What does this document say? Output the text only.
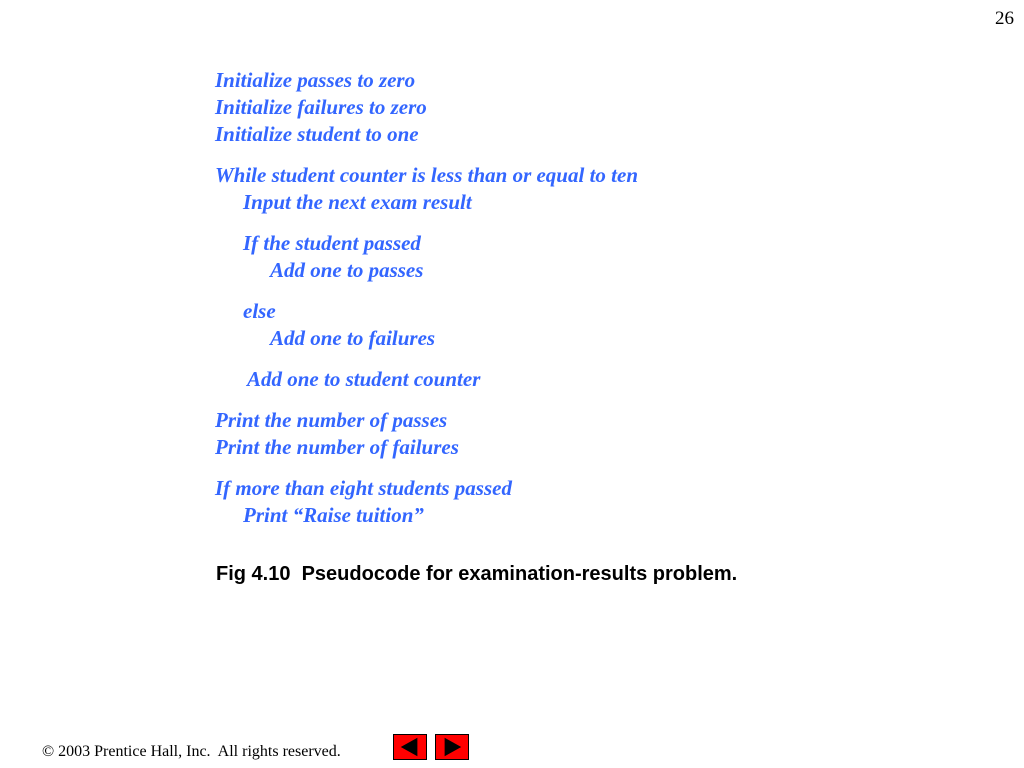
26
Initialize passes to zero
Initialize failures to zero
Initialize student to one
While student counter is less than or equal to ten
Input the next exam result
If the student passed
Add one to passes
else
Add one to failures
Add one to student counter
Print the number of passes
Print the number of failures
If more than eight students passed
Print “Raise tuition”
Fig 4.10  Pseudocode for examination-results problem.
© 2003 Prentice Hall, Inc.  All rights reserved.
